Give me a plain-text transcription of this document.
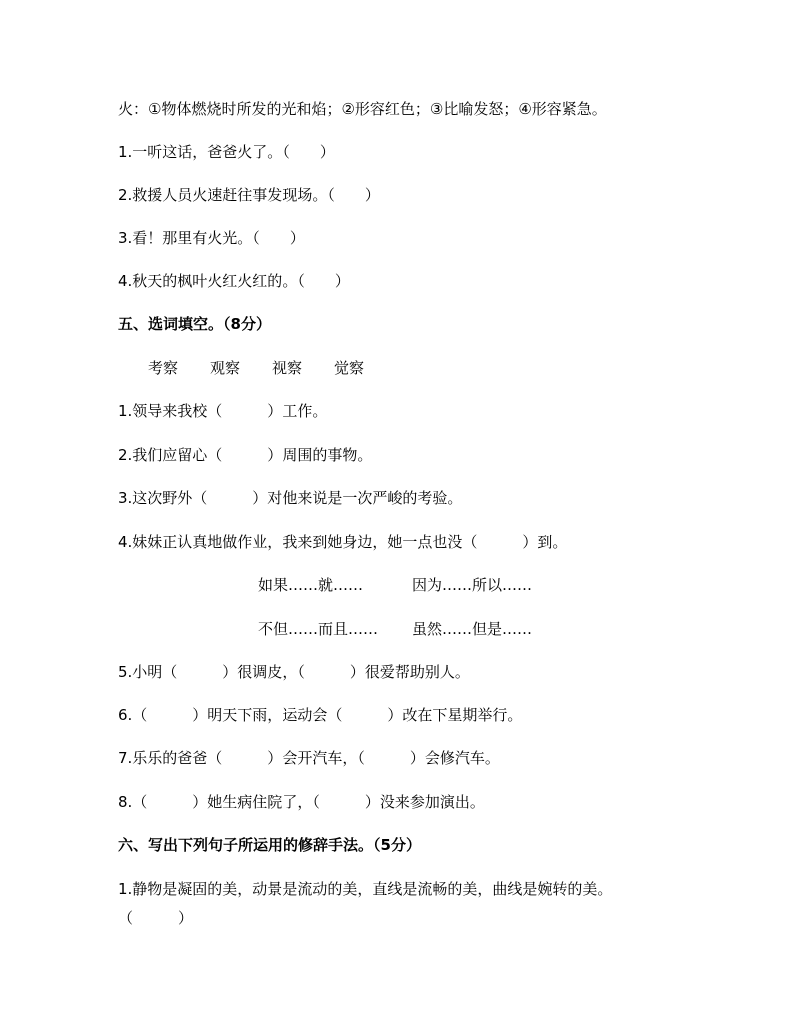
火：①物体燃烧时所发的光和焰；②形容红色；③比喻发怒；④形容紧急。
1.一听这话，爸爸火了。（　　）
2.救援人员火速赶往事发现场。（　　）
3.看！那里有火光。（　　）
4.秋天的枫叶火红火红的。（　　）
五、选词填空。（8分）
考察 观察 视察 觉察
1.领导来我校（　　　）工作。
2.我们应留心（　　　）周围的事物。
3.这次野外（　　　）对他来说是一次严峻的考验。
4.妹妹正认真地做作业，我来到她身边，她一点也没（　　　）到。
如果……就……	因为……所以……
不但……而且…… 虽然……但是……
5.小明（　　　）很调皮，（　　　）很爱帮助别人。
6.（　　　）明天下雨，运动会（　　　）改在下星期举行。
7.乐乐的爸爸（　　　）会开汽车，（　　　）会修汽车。
8.（　　　）她生病住院了，（　　　）没来参加演出。
六、写出下列句子所运用的修辞手法。（5分）
1.静物是凝固的美，动景是流动的美，直线是流畅的美，曲线是婉转的美。
（　　　）
